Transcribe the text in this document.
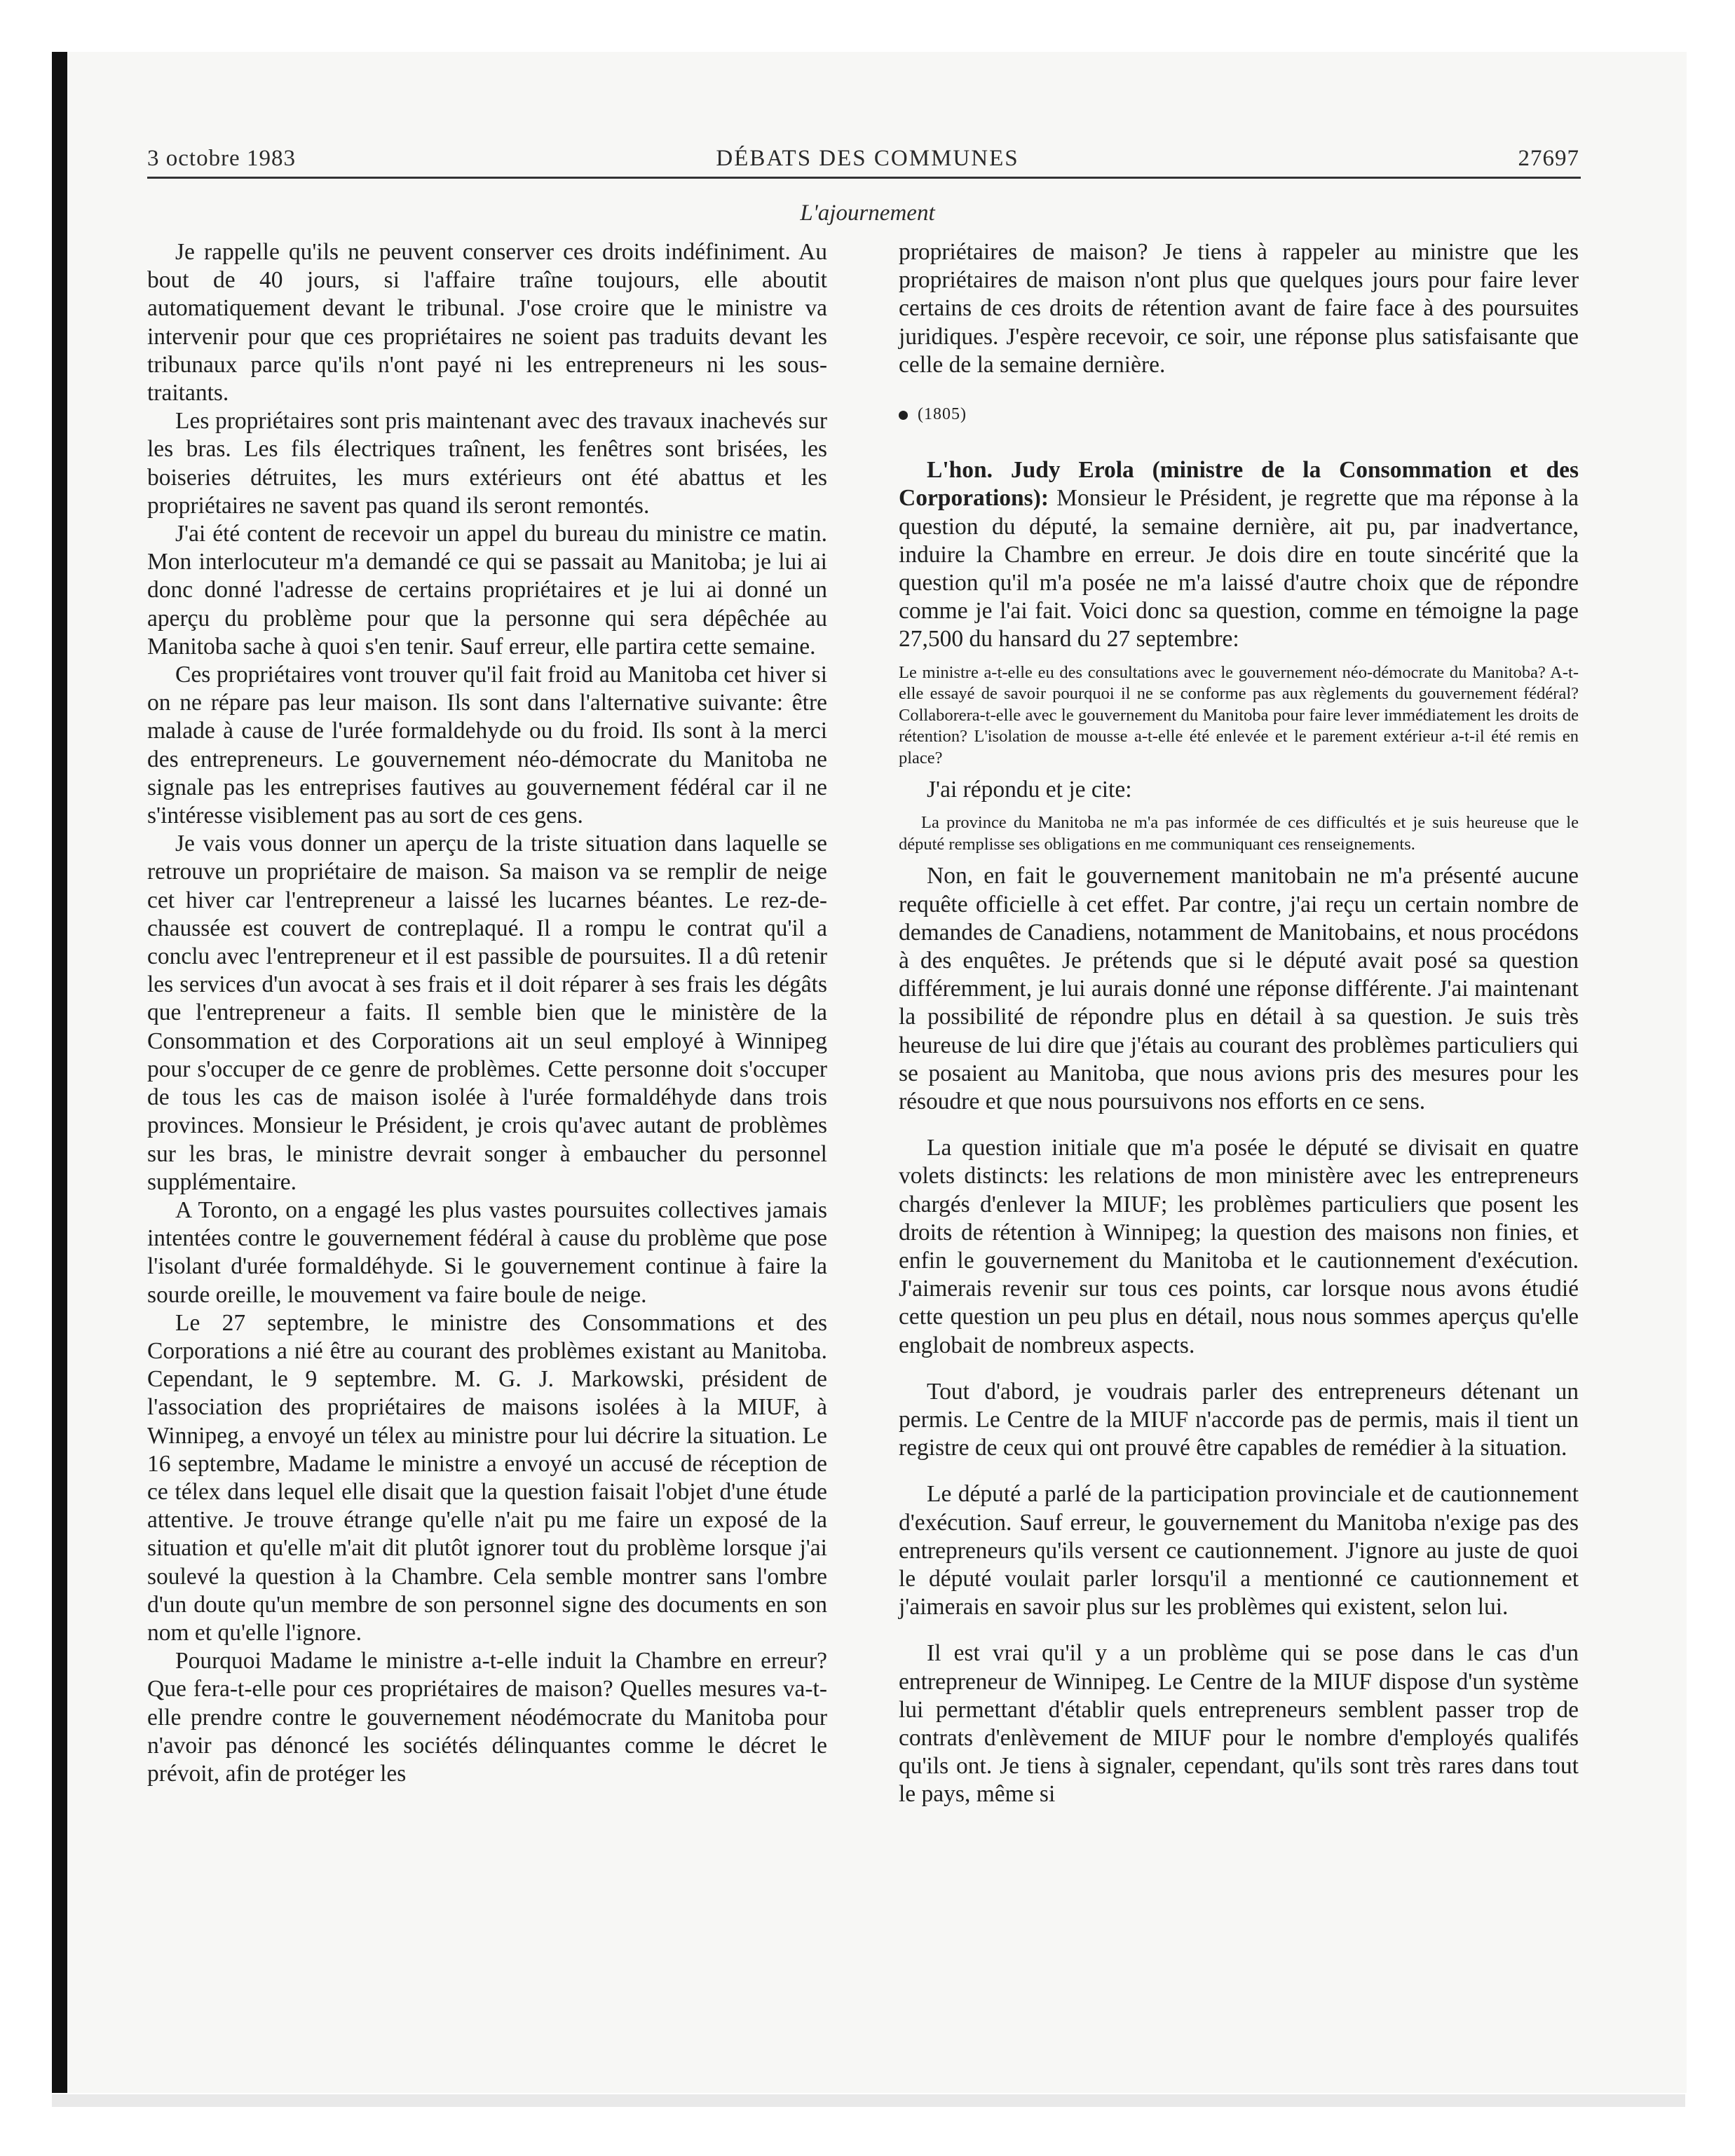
3 octobre 1983	DÉBATS DES COMMUNES	27697
L'ajournement

Je rappelle qu'ils ne peuvent conserver ces droits indéfiniment. Au bout de 40 jours, si l'affaire traîne toujours, elle aboutit automatiquement devant le tribunal. J'ose croire que le ministre va intervenir pour que ces propriétaires ne soient pas traduits devant les tribunaux parce qu'ils n'ont payé ni les entrepreneurs ni les sous-traitants.

Les propriétaires sont pris maintenant avec des travaux inachevés sur les bras. Les fils électriques traînent, les fenêtres sont brisées, les boiseries détruites, les murs extérieurs ont été abattus et les propriétaires ne savent pas quand ils seront remontés.

J'ai été content de recevoir un appel du bureau du ministre ce matin. Mon interlocuteur m'a demandé ce qui se passait au Manitoba; je lui ai donc donné l'adresse de certains propriétaires et je lui ai donné un aperçu du problème pour que la personne qui sera dépêchée au Manitoba sache à quoi s'en tenir. Sauf erreur, elle partira cette semaine.

Ces propriétaires vont trouver qu'il fait froid au Manitoba cet hiver si on ne répare pas leur maison. Ils sont dans l'alternative suivante: être malade à cause de l'urée formaldehyde ou du froid. Ils sont à la merci des entrepreneurs. Le gouvernement néo-démocrate du Manitoba ne signale pas les entreprises fautives au gouvernement fédéral car il ne s'intéresse visiblement pas au sort de ces gens.

Je vais vous donner un aperçu de la triste situation dans laquelle se retrouve un propriétaire de maison. Sa maison va se remplir de neige cet hiver car l'entrepreneur a laissé les lucarnes béantes. Le rez-de-chaussée est couvert de contreplaqué. Il a rompu le contrat qu'il a conclu avec l'entrepreneur et il est passible de poursuites. Il a dû retenir les services d'un avocat à ses frais et il doit réparer à ses frais les dégâts que l'entrepreneur a faits. Il semble bien que le ministère de la Consommation et des Corporations ait un seul employé à Winnipeg pour s'occuper de ce genre de problèmes. Cette personne doit s'occuper de tous les cas de maison isolée à l'urée formaldéhyde dans trois provinces. Monsieur le Président, je crois qu'avec autant de problèmes sur les bras, le ministre devrait songer à embaucher du personnel supplémentaire.

A Toronto, on a engagé les plus vastes poursuites collectives jamais intentées contre le gouvernement fédéral à cause du problème que pose l'isolant d'urée formaldéhyde. Si le gouvernement continue à faire la sourde oreille, le mouvement va faire boule de neige.

Le 27 septembre, le ministre des Consommations et des Corporations a nié être au courant des problèmes existant au Manitoba. Cependant, le 9 septembre. M. G. J. Markowski, président de l'association des propriétaires de maisons isolées à la MIUF, à Winnipeg, a envoyé un télex au ministre pour lui décrire la situation. Le 16 septembre, Madame le ministre a envoyé un accusé de réception de ce télex dans lequel elle disait que la question faisait l'objet d'une étude attentive. Je trouve étrange qu'elle n'ait pu me faire un exposé de la situation et qu'elle m'ait dit plutôt ignorer tout du problème lorsque j'ai soulevé la question à la Chambre. Cela semble montrer sans l'ombre d'un doute qu'un membre de son personnel signe des documents en son nom et qu'elle l'ignore.

Pourquoi Madame le ministre a-t-elle induit la Chambre en erreur? Que fera-t-elle pour ces propriétaires de maison? Quelles mesures va-t-elle prendre contre le gouvernement néodémocrate du Manitoba pour n'avoir pas dénoncé les sociétés délinquantes comme le décret le prévoit, afin de protéger les

propriétaires de maison? Je tiens à rappeler au ministre que les propriétaires de maison n'ont plus que quelques jours pour faire lever certains de ces droits de rétention avant de faire face à des poursuites juridiques. J'espère recevoir, ce soir, une réponse plus satisfaisante que celle de la semaine dernière.

(1805)

L'hon. Judy Erola (ministre de la Consommation et des Corporations): Monsieur le Président, je regrette que ma réponse à la question du député, la semaine dernière, ait pu, par inadvertance, induire la Chambre en erreur. Je dois dire en toute sincérité que la question qu'il m'a posée ne m'a laissé d'autre choix que de répondre comme je l'ai fait. Voici donc sa question, comme en témoigne la page 27,500 du hansard du 27 septembre:

Le ministre a-t-elle eu des consultations avec le gouvernement néo-démocrate du Manitoba? A-t-elle essayé de savoir pourquoi il ne se conforme pas aux règlements du gouvernement fédéral? Collaborera-t-elle avec le gouvernement du Manitoba pour faire lever immédiatement les droits de rétention? L'isolation de mousse a-t-elle été enlevée et le parement extérieur a-t-il été remis en place?

J'ai répondu et je cite:

La province du Manitoba ne m'a pas informée de ces difficultés et je suis heureuse que le député remplisse ses obligations en me communiquant ces renseignements.

Non, en fait le gouvernement manitobain ne m'a présenté aucune requête officielle à cet effet. Par contre, j'ai reçu un certain nombre de demandes de Canadiens, notamment de Manitobains, et nous procédons à des enquêtes. Je prétends que si le député avait posé sa question différemment, je lui aurais donné une réponse différente. J'ai maintenant la possibilité de répondre plus en détail à sa question. Je suis très heureuse de lui dire que j'étais au courant des problèmes particuliers qui se posaient au Manitoba, que nous avions pris des mesures pour les résoudre et que nous poursuivons nos efforts en ce sens.

La question initiale que m'a posée le député se divisait en quatre volets distincts: les relations de mon ministère avec les entrepreneurs chargés d'enlever la MIUF; les problèmes particuliers que posent les droits de rétention à Winnipeg; la question des maisons non finies, et enfin le gouvernement du Manitoba et le cautionnement d'exécution. J'aimerais revenir sur tous ces points, car lorsque nous avons étudié cette question un peu plus en détail, nous nous sommes aperçus qu'elle englobait de nombreux aspects.

Tout d'abord, je voudrais parler des entrepreneurs détenant un permis. Le Centre de la MIUF n'accorde pas de permis, mais il tient un registre de ceux qui ont prouvé être capables de remédier à la situation.

Le député a parlé de la participation provinciale et de cautionnement d'exécution. Sauf erreur, le gouvernement du Manitoba n'exige pas des entrepreneurs qu'ils versent ce cautionnement. J'ignore au juste de quoi le député voulait parler lorsqu'il a mentionné ce cautionnement et j'aimerais en savoir plus sur les problèmes qui existent, selon lui.

Il est vrai qu'il y a un problème qui se pose dans le cas d'un entrepreneur de Winnipeg. Le Centre de la MIUF dispose d'un système lui permettant d'établir quels entrepreneurs semblent passer trop de contrats d'enlèvement de MIUF pour le nombre d'employés qualifés qu'ils ont. Je tiens à signaler, cependant, qu'ils sont très rares dans tout le pays, même si
